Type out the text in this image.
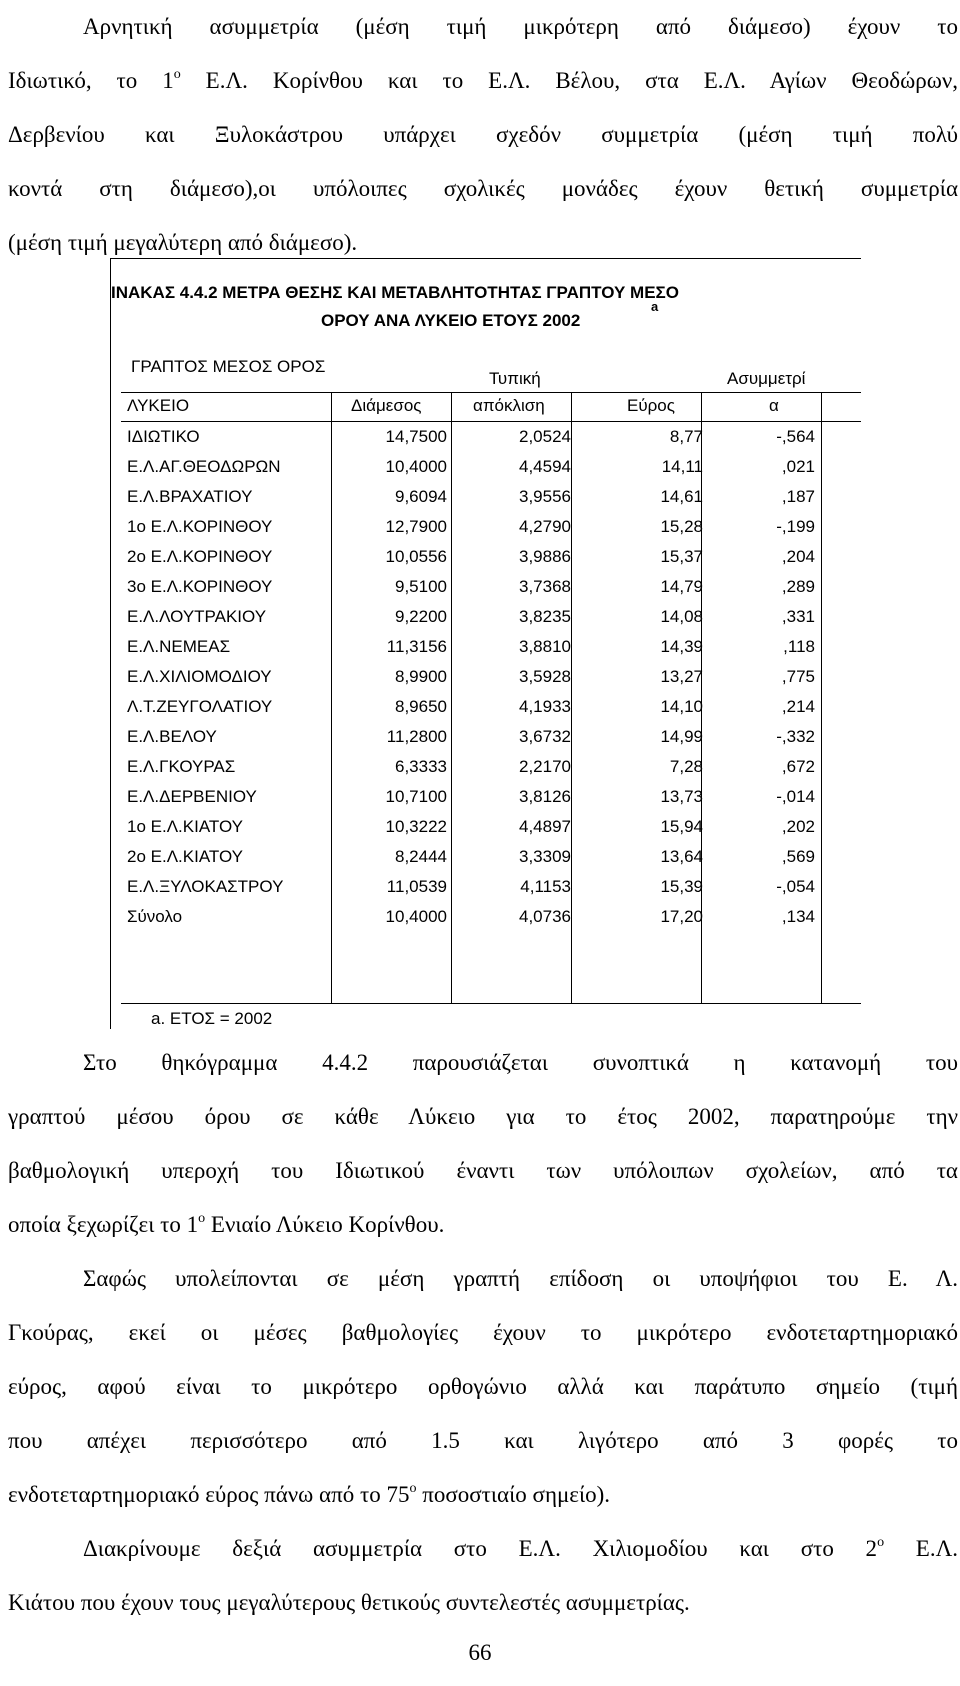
Αρνητική ασυμμετρία (μέση τιμή μικρότερη από διάμεσο) έχουν το

Ιδιωτικό, το $1^o$ Ε.Λ. Κορίνθου και το Ε.Λ. Βέλου, στα Ε.Λ. Αγίων Θεοδώρων,

Δερβενίου και Ξυλοκάστρου υπάρχει σχεδόν συμμετρία (μέση τιμή πολύ

κοντά στη διάμεσο),οι υπόλοιπες σχολικές μονάδες έχουν θετική συμμετρία

(μέση τιμή μεγαλύτερη από διάμεσο).

ΙΝΑΚΑΣ 4.4.2 ΜΕΤΡΑ ΘΕΣΗΣ ΚΑΙ ΜΕΤΑΒΛΗΤΟΤΗΤΑΣ ΓΡΑΠΤΟΥ ΜΕΣΟ
a
ΟΡΟΥ ΑΝΑ ΛΥΚΕΙΟ ΕΤΟΥΣ 2002
ΓΡΑΠΤΟΣ ΜΕΣΟΣ ΟΡΟΣ
ΛΥΚΕΙΟ	Διάμεσος
Τυπική
απόκλιση	Εύρος
Ασυμμετρί
α
ΙΔΙΩΤΙΚΟ	14,7500	2,0524	8,77	-,564
Ε.Λ.ΑΓ.ΘΕΟΔΩΡΩΝ	10,4000	4,4594	14,11	,021
Ε.Λ.ΒΡΑΧΑΤΙΟΥ	9,6094	3,9556	14,61	,187
1ο Ε.Λ.ΚΟΡΙΝΘΟΥ	12,7900	4,2790	15,28	-,199
2ο Ε.Λ.ΚΟΡΙΝΘΟΥ	10,0556	3,9886	15,37	,204
3ο Ε.Λ.ΚΟΡΙΝΘΟΥ	9,5100	3,7368	14,79	,289
Ε.Λ.ΛΟΥΤΡΑΚΙΟΥ	9,2200	3,8235	14,08	,331
Ε.Λ.ΝΕΜΕΑΣ	11,3156	3,8810	14,39	,118
Ε.Λ.ΧΙΛΙΟΜΟΔΙΟΥ	8,9900	3,5928	13,27	,775
Λ.Τ.ΖΕΥΓΟΛΑΤΙΟΥ	8,9650	4,1933	14,10	,214
Ε.Λ.ΒΕΛΟΥ	11,2800	3,6732	14,99	-,332
Ε.Λ.ΓΚΟΥΡΑΣ	6,3333	2,2170	7,28	,672
Ε.Λ.ΔΕΡΒΕΝΙΟΥ	10,7100	3,8126	13,73	-,014
1ο Ε.Λ.ΚΙΑΤΟΥ	10,3222	4,4897	15,94	,202
2ο Ε.Λ.ΚΙΑΤΟΥ	8,2444	3,3309	13,64	,569
Ε.Λ.ΞΥΛΟΚΑΣΤΡΟΥ	11,0539	4,1153	15,39	-,054
Σύνολο	10,4000	4,0736	17,20	,134
a. ΕΤΟΣ = 2002

Στο θηκόγραμμα 4.4.2 παρουσιάζεται συνοπτικά η κατανομή του

γραπτού μέσου όρου σε κάθε Λύκειο για το έτος 2002, παρατηρούμε την

βαθμολογική υπεροχή του Ιδιωτικού έναντι των υπόλοιπων σχολείων, από τα

οποία ξεχωρίζει το $1^o$ Ενιαίο Λύκειο Κορίνθου.

Σαφώς υπολείπονται σε μέση γραπτή επίδοση οι υποψήφιοι του Ε. Λ.

Γκούρας, εκεί οι μέσες βαθμολογίες έχουν το μικρότερο ενδοτεταρτημοριακό

εύρος, αφού είναι το μικρότερο ορθογώνιο αλλά και παράτυπο σημείο (τιμή

που απέχει περισσότερο από 1.5 και λιγότερο από 3 φορές το

ενδοτεταρτημοριακό εύρος πάνω από το $75^o$ ποσοστιαίο σημείο).

Διακρίνουμε δεξιά ασυμμετρία στο Ε.Λ. Χιλιομοδίου και στο $2^o$ Ε.Λ.

Κιάτου που έχουν τους μεγαλύτερους θετικούς συντελεστές ασυμμετρίας.

66
